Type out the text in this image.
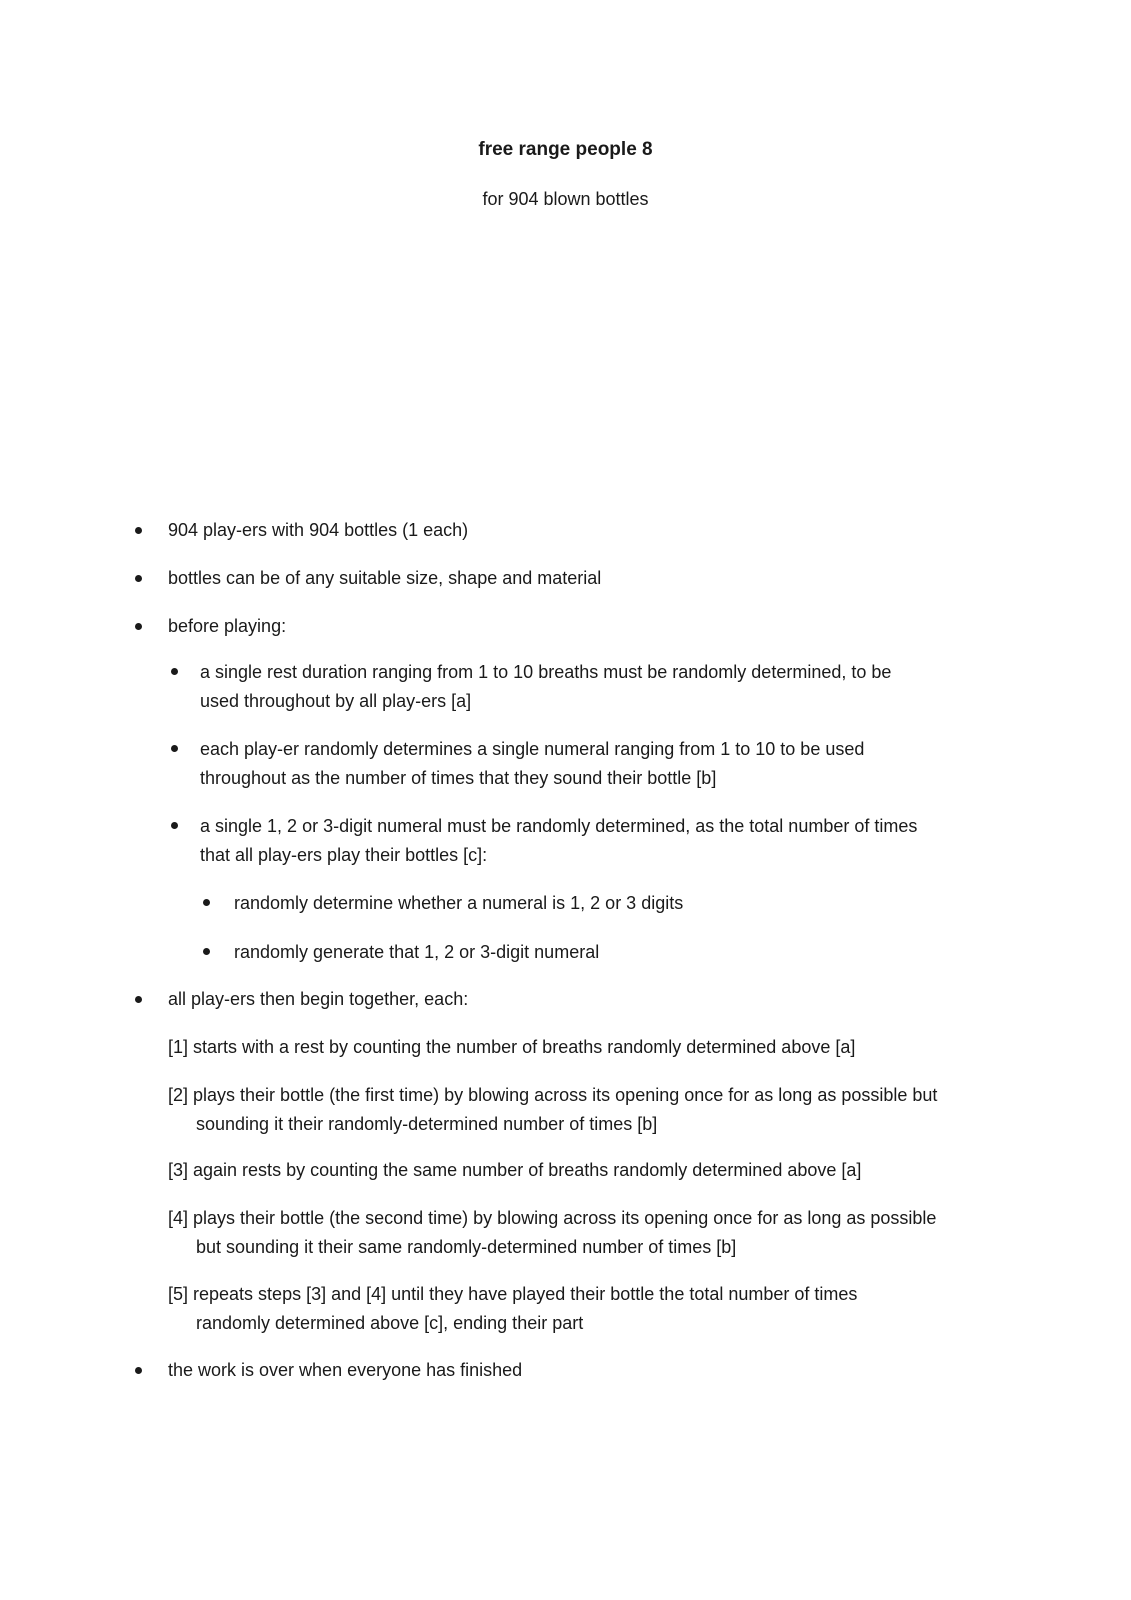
free range people 8
for 904 blown bottles
904 play-ers with 904 bottles (1 each)
bottles can be of any suitable size, shape and material
before playing:
a single rest duration ranging from 1 to 10 breaths must be randomly determined, to be
used throughout by all play-ers [a]
each play-er randomly determines a single numeral ranging from 1 to 10 to be used
throughout as the number of times that they sound their bottle [b]
a single 1, 2 or 3-digit numeral must be randomly determined, as the total number of times
that all play-ers play their bottles [c]:
randomly determine whether a numeral is 1, 2 or 3 digits
randomly generate that 1, 2 or 3-digit numeral
all play-ers then begin together, each:
[1] starts with a rest by counting the number of breaths randomly determined above [a]
[2] plays their bottle (the first time) by blowing across its opening once for as long as possible but
sounding it their randomly-determined number of times [b]
[3] again rests by counting the same number of breaths randomly determined above [a]
[4] plays their bottle (the second time) by blowing across its opening once for as long as possible
but sounding it their same randomly-determined number of times [b]
[5] repeats steps [3] and [4] until they have played their bottle the total number of times
randomly determined above [c], ending their part
the work is over when everyone has finished
